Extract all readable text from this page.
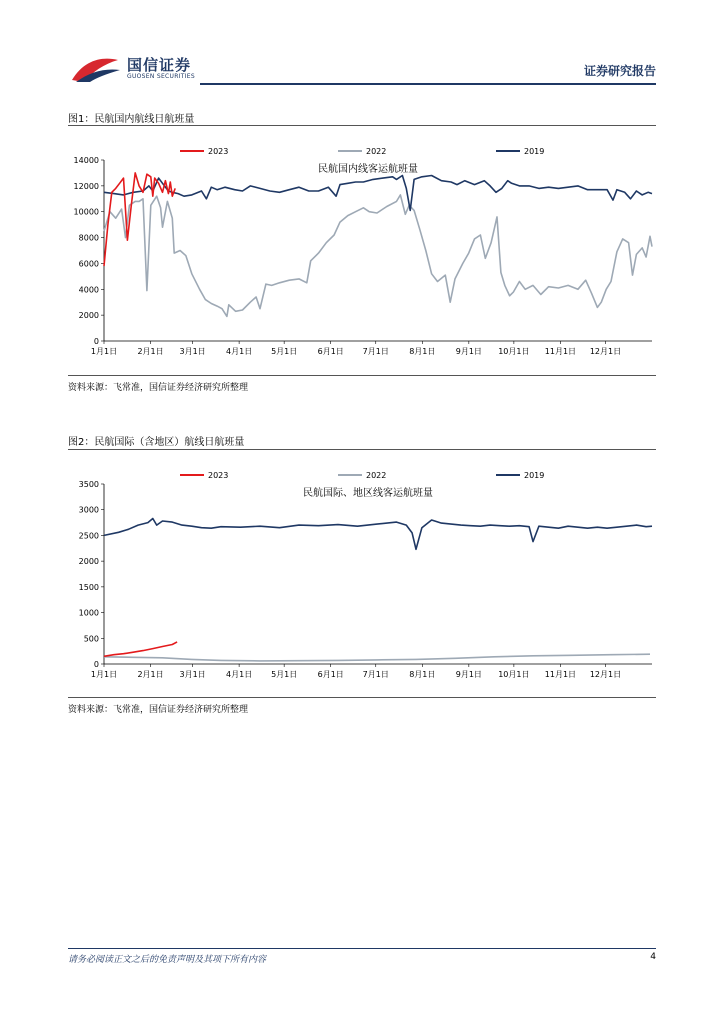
国信证券
GUOSEN SECURITIES	证券研究报告
图1：民航国内航线日航班量
0
2000
4000
6000
8000
10000
12000
14000
1月1日	2月1日 3月1日	4月1日 5月1日	6月1日 7月1日	8月1日	9月1日 10月1日 11月1日 12月1日
2023	2022	2019
民航国内线客运航班量
资料来源：飞常准，国信证券经济研究所整理
图2：民航国际（含地区）航线日航班量
0
500
1000
1500
2000
2500
3000
3500
1月1日	2月1日 3月1日	4月1日 5月1日	6月1日 7月1日	8月1日	9月1日 10月1日 11月1日 12月1日
2023	2022	2019
民航国际、地区线客运航班量
资料来源：飞常准，国信证券经济研究所整理
请务必阅读正文之后的免责声明及其项下所有内容	4
